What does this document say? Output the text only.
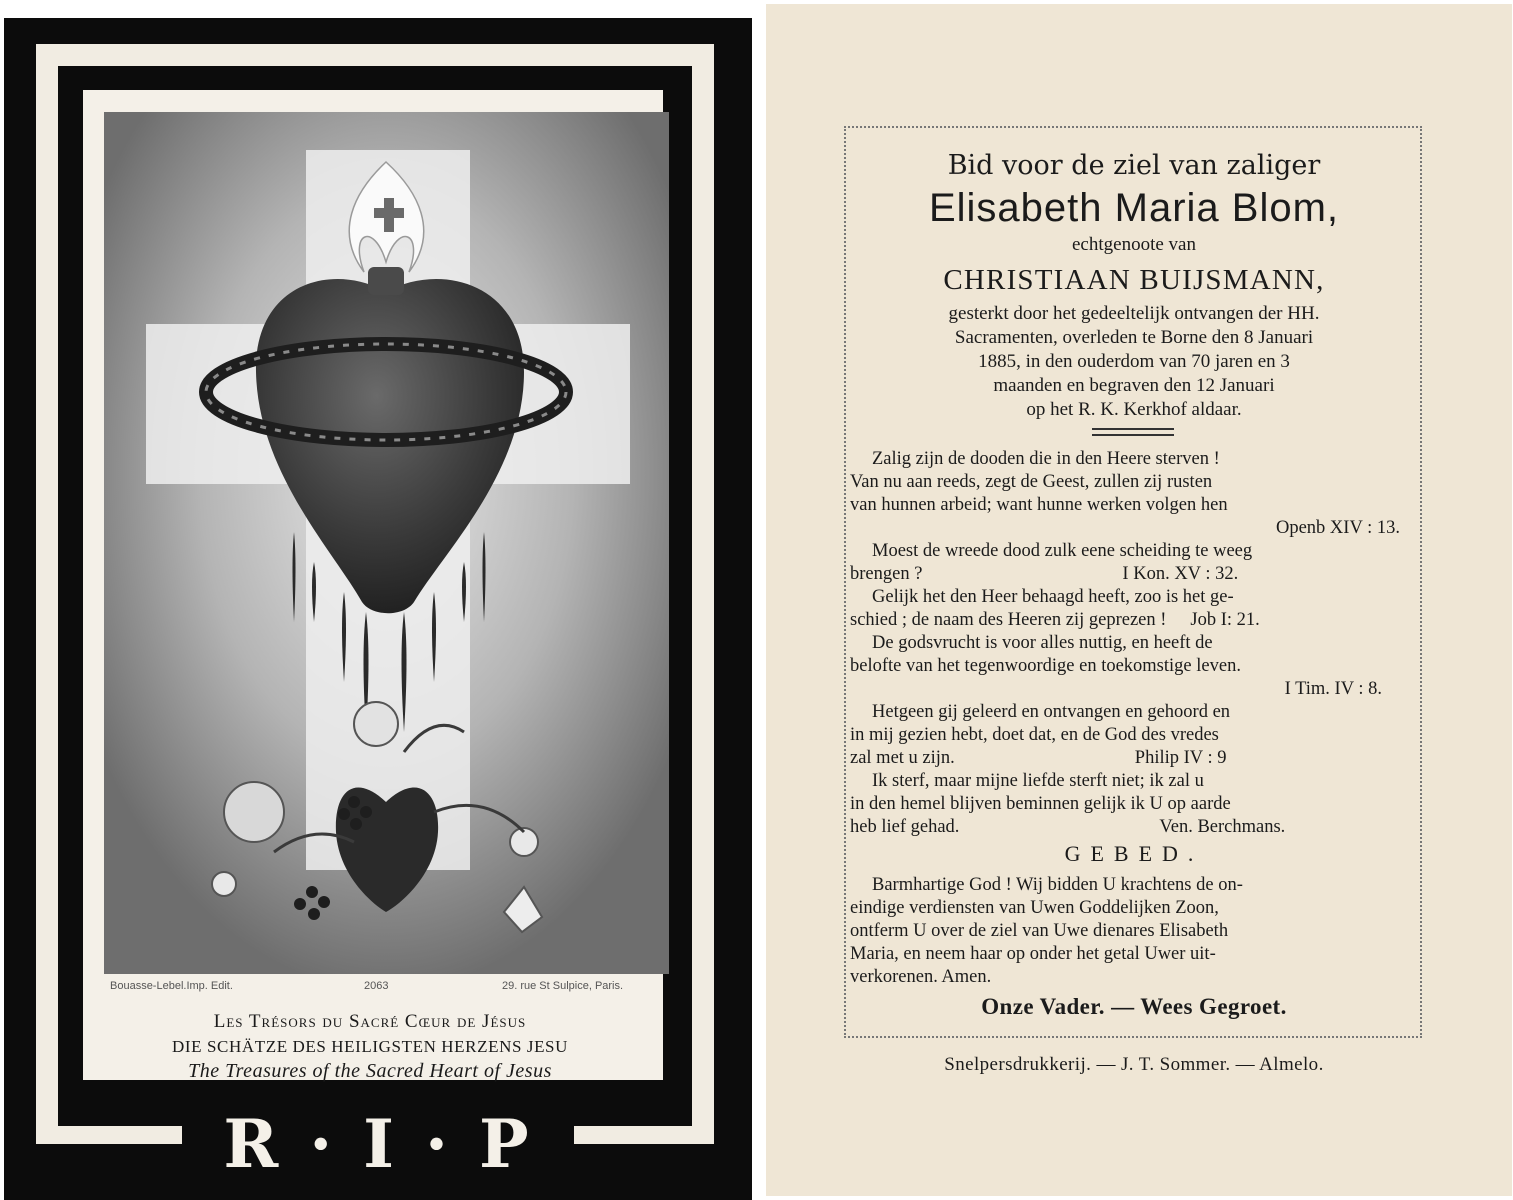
Bouasse-Lebel.Imp. Edit.	2063	29. rue St Sulpice, Paris.
Les Trésors du Sacré Cœur de Jésus
DIE SCHÄTZE DES HEILIGSTEN HERZENS JESU
The Treasures of the Sacred Heart of Jesus
R · I · P
Bid voor de ziel van zaliger
Elisabeth Maria Blom,
echtgenoote van
CHRISTIAAN BUIJSMANN,
gesterkt door het gedeeltelijk ontvangen der HH.
Sacramenten, overleden te Borne den 8 Januari
1885, in den ouderdom van 70 jaren en 3
maanden en begraven den 12 Januari
op het R. K. Kerkhof aldaar.

Zalig zijn de dooden die in den Heere sterven !

Van nu aan reeds, zegt de Geest, zullen zij rusten

van hunnen arbeid; want hunne werken volgen hen

Openb XIV : 13.

Moest de wreede dood zulk eene scheiding te weeg

brengen ?	I Kon. XV : 32.

Gelijk het den Heer behaagd heeft, zoo is het ge-

schied ; de naam des Heeren zij geprezen ! Job I: 21.

De godsvrucht is voor alles nuttig, en heeft de

belofte van het tegenwoordige en toekomstige leven.

I Tim. IV : 8.

Hetgeen gij geleerd en ontvangen en gehoord en

in mij gezien hebt, doet dat, en de God des vredes

zal met u zijn.	Philip IV : 9

Ik sterf, maar mijne liefde sterft niet; ik zal u

in den hemel blijven beminnen gelijk ik U op aarde

heb lief gehad.	Ven. Berchmans.

GEBED.

Barmhartige God ! Wij bidden U krachtens de on-

eindige verdiensten van Uwen Goddelijken Zoon,

ontferm U over de ziel van Uwe dienares Elisabeth

Maria, en neem haar op onder het getal Uwer uit-

verkorenen. Amen.

Onze Vader. — Wees Gegroet.
Snelpersdrukkerij. — J. T. Sommer. — Almelo.
